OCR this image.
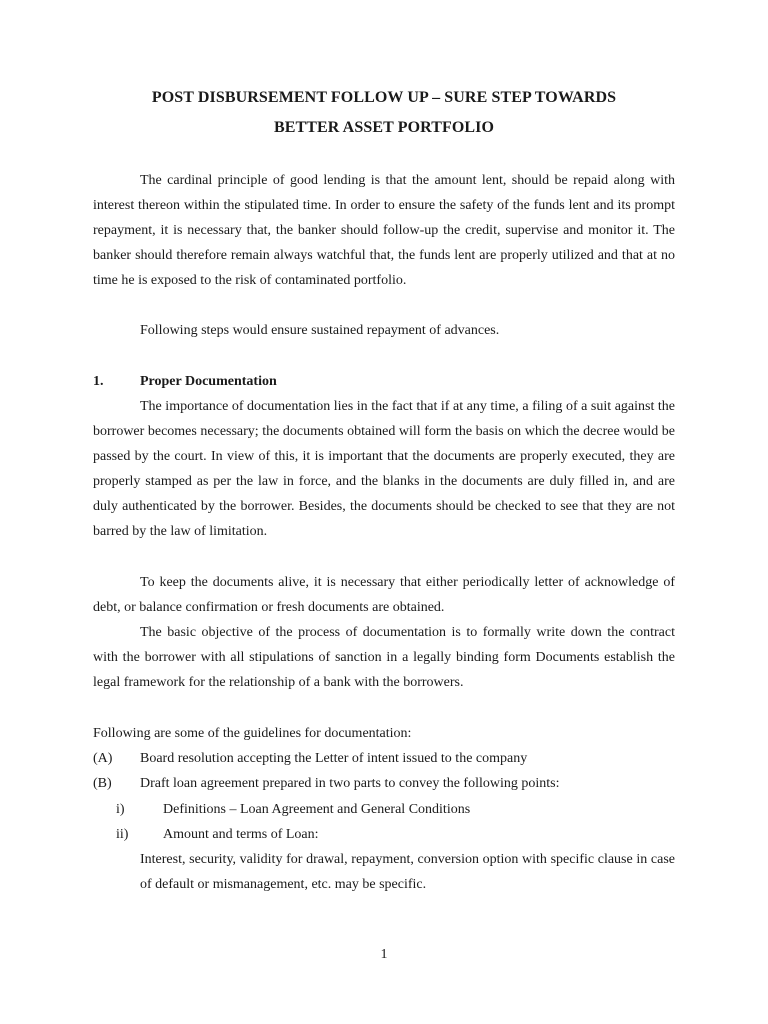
POST DISBURSEMENT FOLLOW UP – SURE STEP TOWARDS
BETTER ASSET PORTFOLIO
The cardinal principle of good lending is that the amount lent, should be repaid along with interest thereon within the stipulated time. In order to ensure the safety of the funds lent and its prompt repayment, it is necessary that, the banker should follow-up the credit, supervise and monitor it. The banker should therefore remain always watchful that, the funds lent are properly utilized and that at no time he is exposed to the risk of contaminated portfolio.
Following steps would ensure sustained repayment of advances.
1.	Proper Documentation
The importance of documentation lies in the fact that if at any time, a filing of a suit against the borrower becomes necessary; the documents obtained will form the basis on which the decree would be passed by the court. In view of this, it is important that the documents are properly executed, they are properly stamped as per the law in force, and the blanks in the documents are duly filled in, and are duly authenticated by the borrower. Besides, the documents should be checked to see that they are not barred by the law of limitation.
To keep the documents alive, it is necessary that either periodically letter of acknowledge of debt, or balance confirmation or fresh documents are obtained.
The basic objective of the process of documentation is to formally write down the contract with the borrower with all stipulations of sanction in a legally binding form Documents establish the legal framework for the relationship of a bank with the borrowers.
Following are some of the guidelines for documentation:
(A) Board resolution accepting the Letter of intent issued to the company
(B) Draft loan agreement prepared in two parts to convey the following points:
i)	Definitions – Loan Agreement and General Conditions
ii) Amount and terms of Loan:
Interest, security, validity for drawal, repayment, conversion option with specific clause in case of default or mismanagement, etc. may be specific.
1
